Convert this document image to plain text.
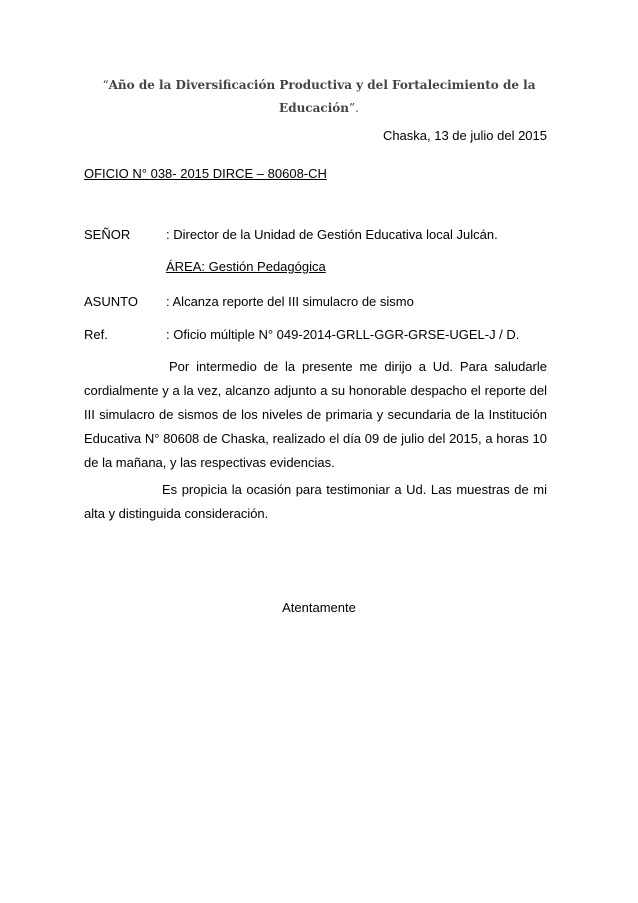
“Año de la Diversificación Productiva y del Fortalecimiento de la
Educación”.
Chaska, 13 de julio del 2015
OFICIO N° 038- 2015 DIRCE – 80608-CH
SEÑOR	: Director de la Unidad de Gestión Educativa local Julcán.
ÁREA: Gestión Pedagógica
ASUNTO : Alcanza reporte del III simulacro de sismo
Ref.	: Oficio múltiple N° 049-2014-GRLL-GGR-GRSE-UGEL-J / D.

Por intermedio de la presente me dirijo a Ud. Para saludarle cordialmente y a la vez, alcanzo adjunto a su honorable despacho el reporte del III simulacro de sismos de los niveles de primaria y secundaria de la Institución Educativa N° 80608 de Chaska, realizado el día 09 de julio del 2015, a horas 10 de la mañana, y las respectivas evidencias.

Es propicia la ocasión para testimoniar a Ud. Las muestras de mi alta y distinguida consideración.

Atentamente
